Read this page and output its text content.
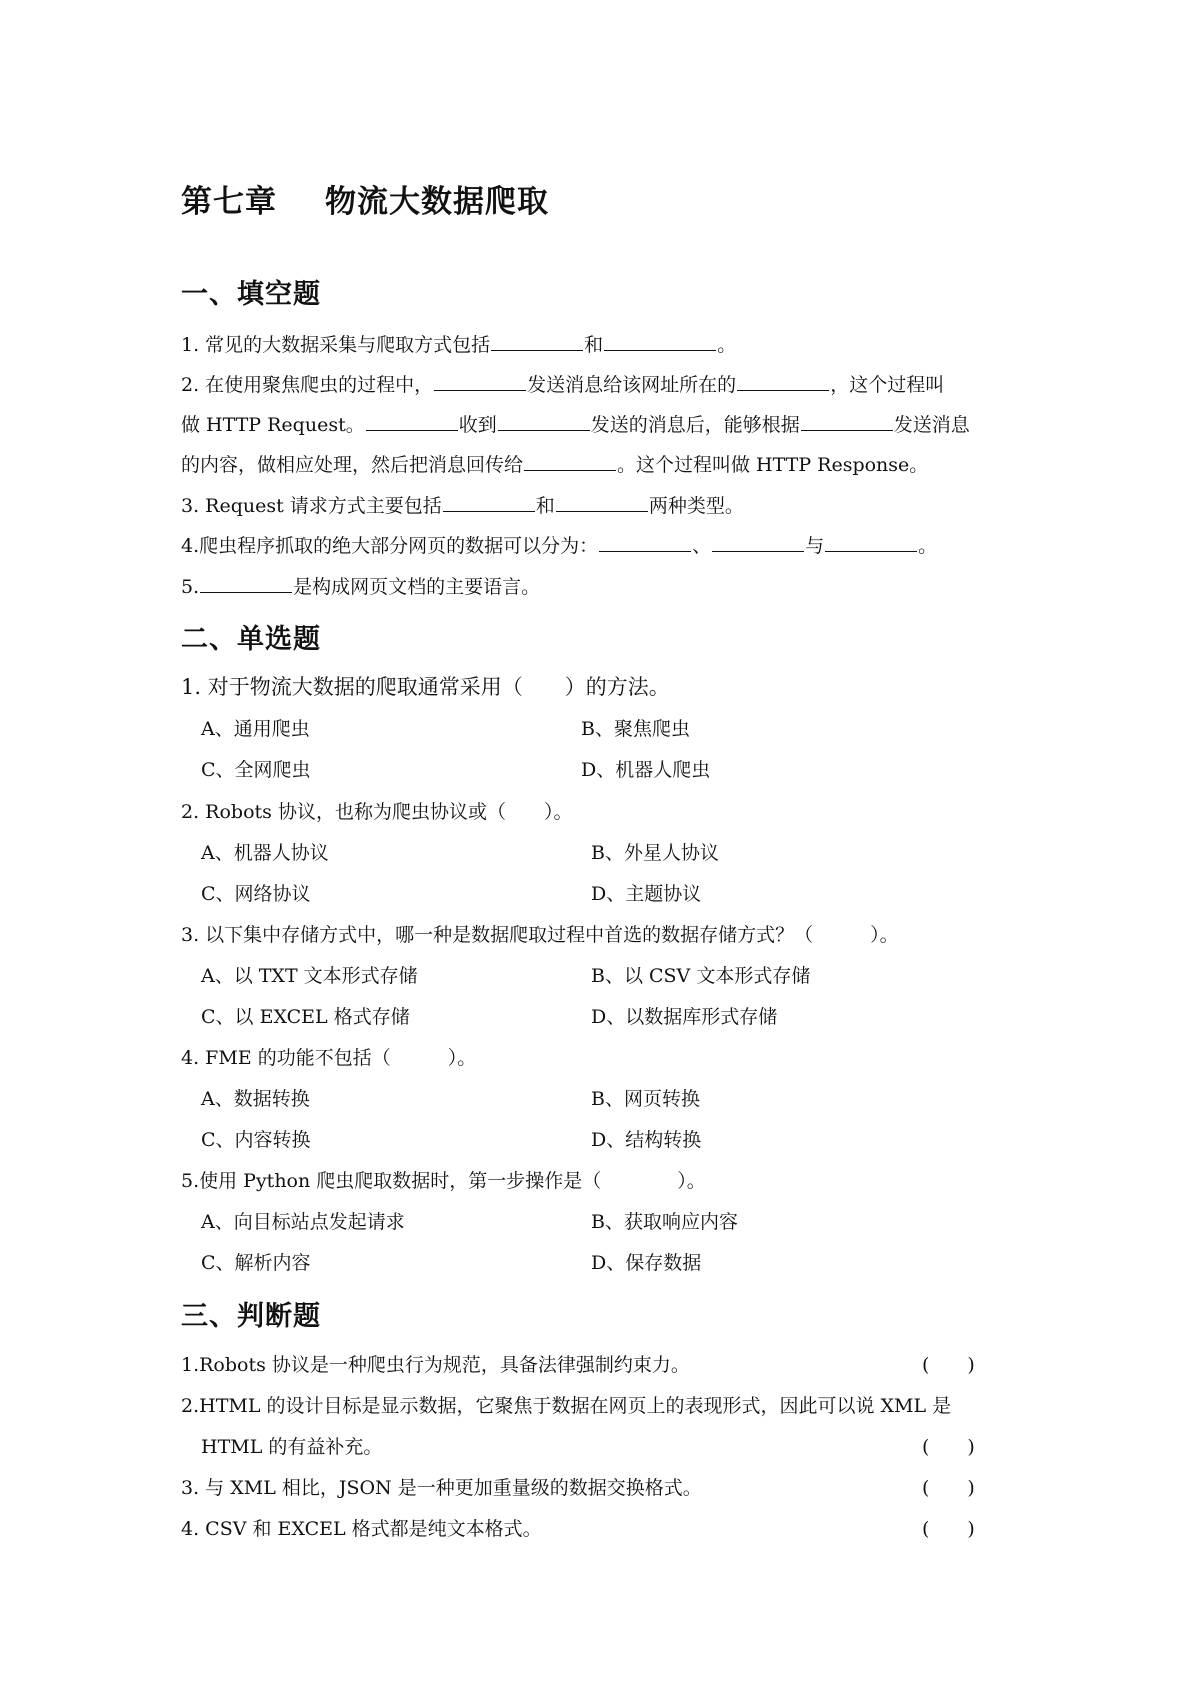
第七章 物流大数据爬取
一、填空题
1. 常见的大数据采集与爬取方式包括	和	。
2. 在使用聚焦爬虫的过程中，	发送消息给该网址所在的	，这个过程叫
做 HTTP Request。	收到	发送的消息后，能够根据	发送消息
的内容，做相应处理，然后把消息回传给	。这个过程叫做 HTTP Response。
3. Request 请求方式主要包括	和	两种类型。
4.爬虫程序抓取的绝大部分网页的数据可以分为：	、	与	。
5.	是构成网页文档的主要语言。
二、单选题
1. 对于物流大数据的爬取通常采用（　　）的方法。
A、通用爬虫	B、聚焦爬虫
C、全网爬虫	D、机器人爬虫
2. Robots 协议，也称为爬虫协议或（　　）。
A、机器人协议	B、外星人协议
C、网络协议	D、主题协议
3. 以下集中存储方式中，哪一种是数据爬取过程中首选的数据存储方式？（　　　）。
A、以 TXT 文本形式存储	B、以 CSV 文本形式存储
C、以 EXCEL 格式存储	D、以数据库形式存储
4. FME 的功能不包括（　　　）。
A、数据转换	B、网页转换
C、内容转换	D、结构转换
5.使用 Python 爬虫爬取数据时，第一步操作是（　　　　）。
A、向目标站点发起请求	B、获取响应内容
C、解析内容	D、保存数据
三、判断题
1.Robots 协议是一种爬虫行为规范，具备法律强制约束力。	(　　)
2.HTML 的设计目标是显示数据，它聚焦于数据在网页上的表现形式，因此可以说 XML 是
HTML 的有益补充。	(　　)
3. 与 XML 相比，JSON 是一种更加重量级的数据交换格式。	(　　)
4. CSV 和 EXCEL 格式都是纯文本格式。	(　　)
